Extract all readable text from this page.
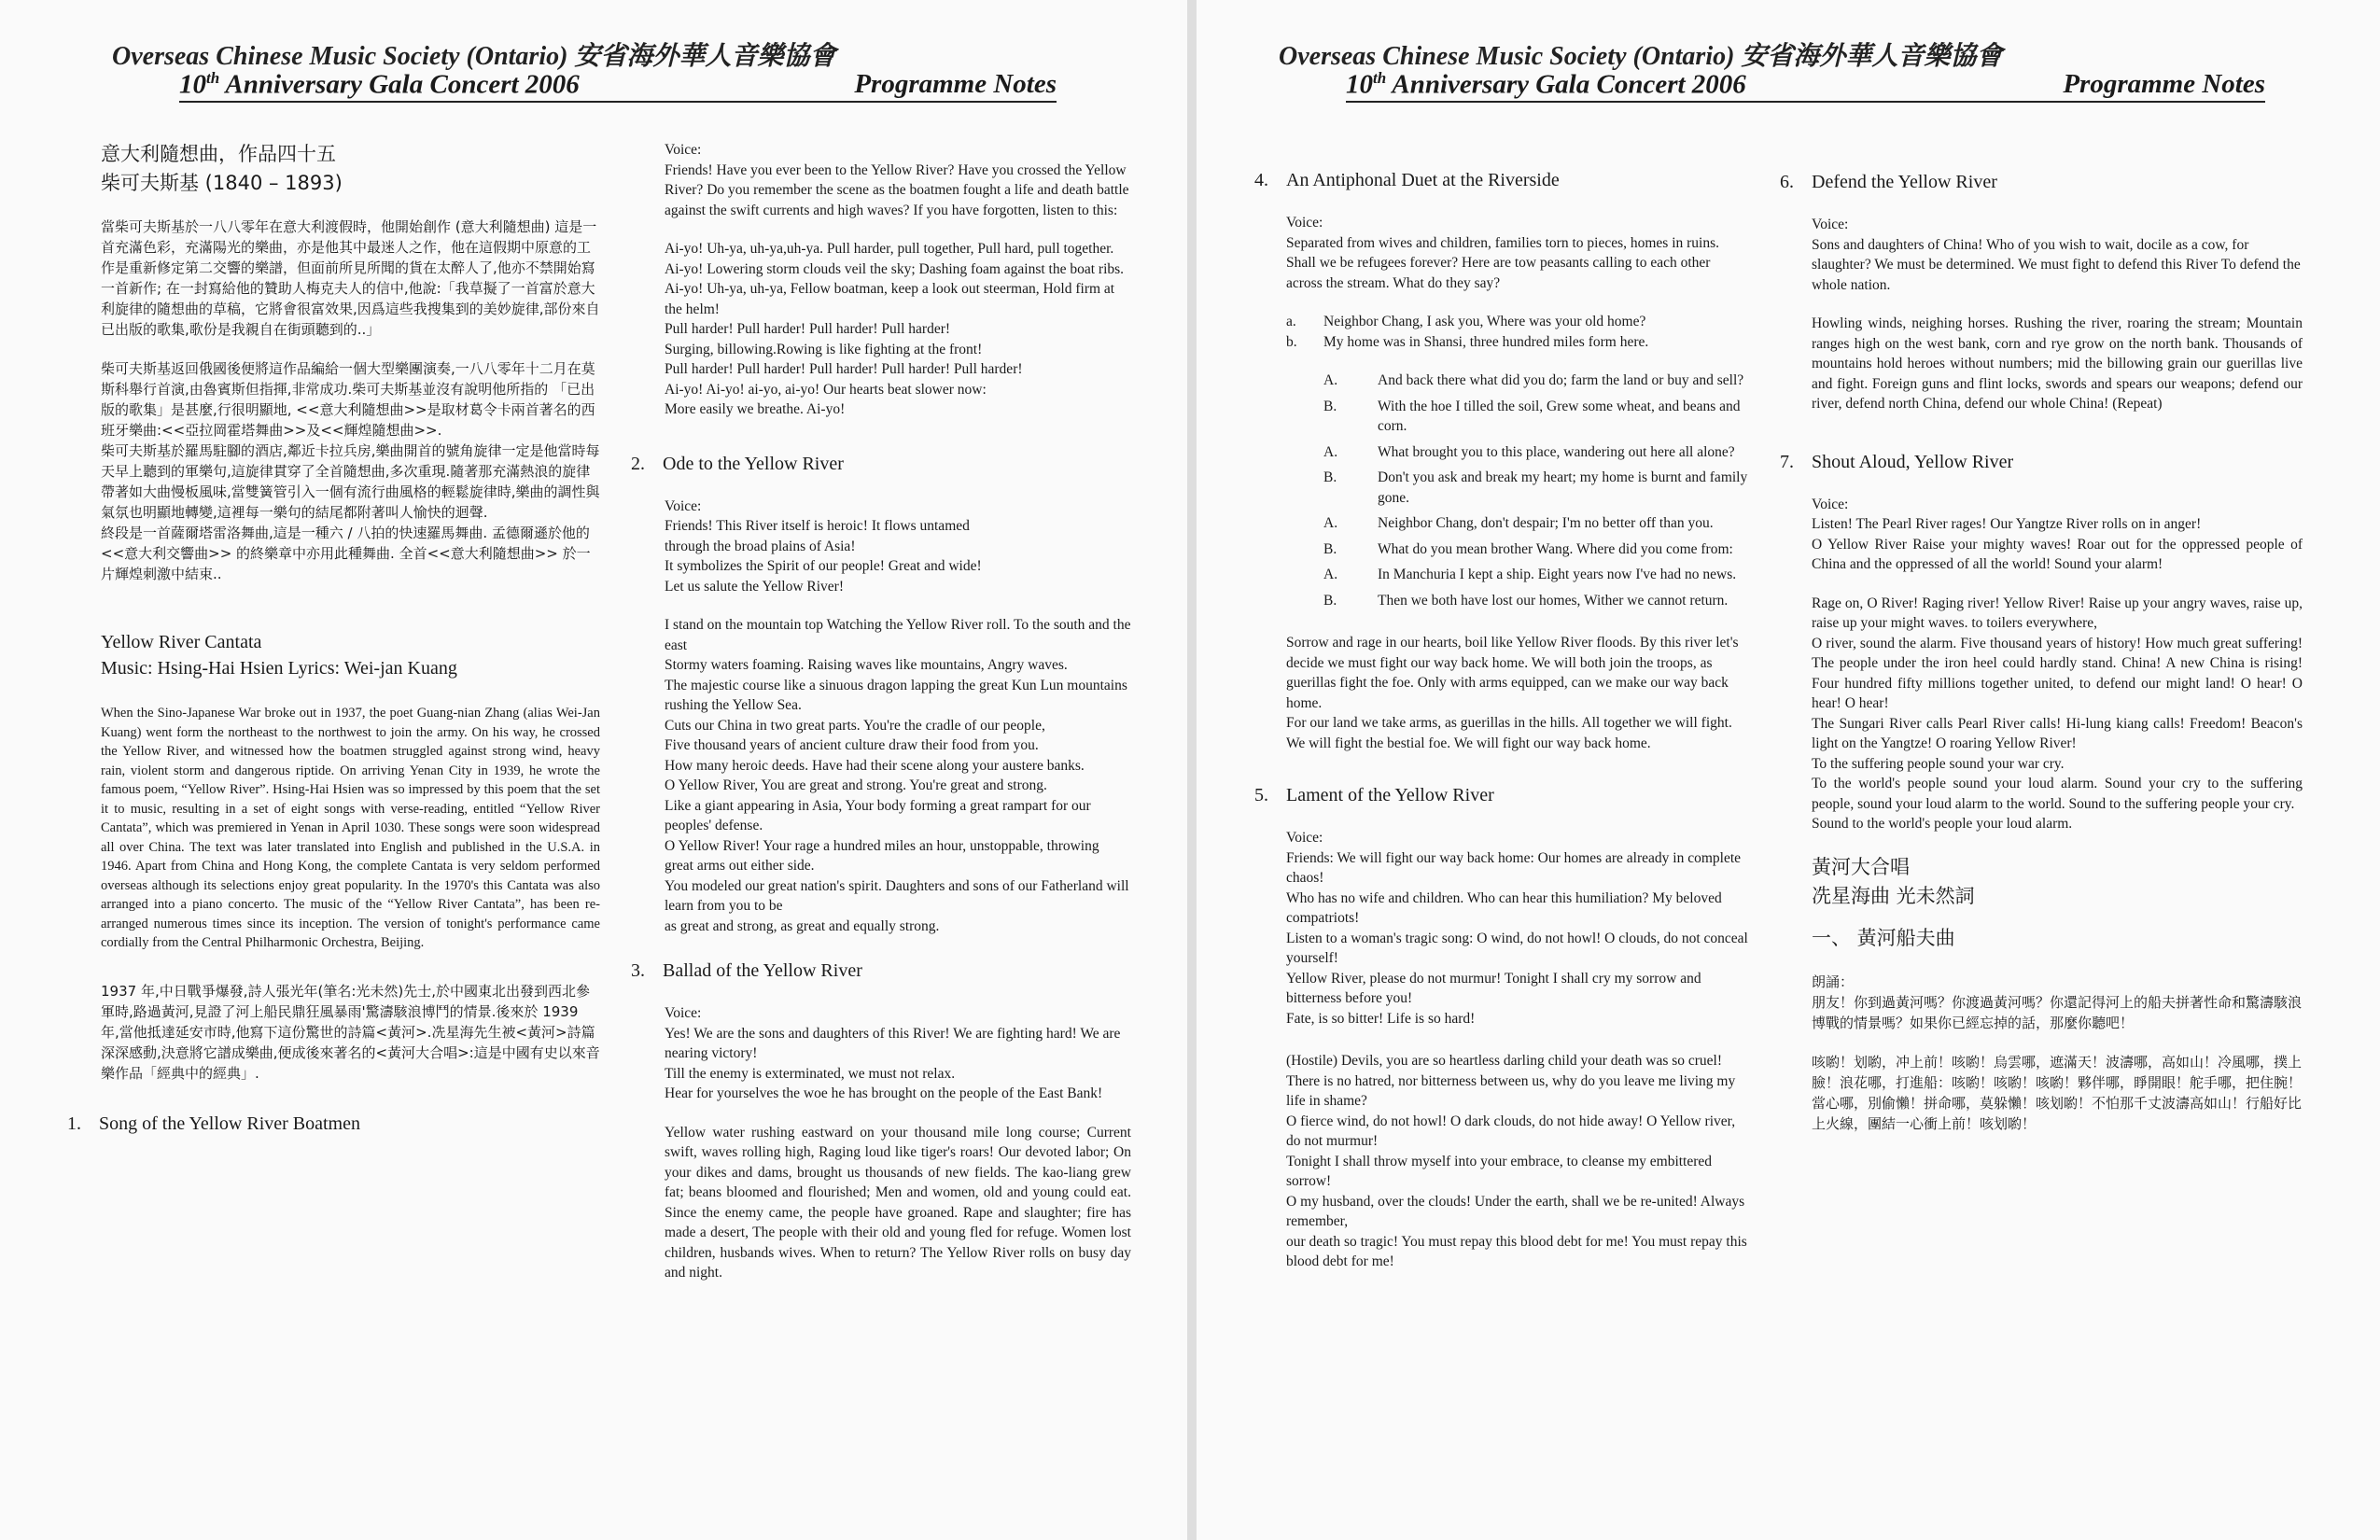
Overseas Chinese Music Society (Ontario) 安省海外華人音樂協會
10th Anniversary Gala Concert 2006	Programme Notes
意大利隨想曲，作品四十五
柴可夫斯基 (1840 – 1893)

當柴可夫斯基於一八八零年在意大利渡假時，他開始創作 (意大利隨想曲) 這是一首充滿色彩，充滿陽光的樂曲，亦是他其中最迷人之作，他在這假期中原意的工作是重新修定第二交響的樂譜，但面前所見所聞的貨在太醉人了,他亦不禁開始寫一首新作; 在一封寫給他的贊助人梅克夫人的信中,他說:「我草擬了一首富於意大利旋律的隨想曲的草稿，它將會很富效果,因爲這些我搜集到的美妙旋律,部份來自已出版的歌集,歌份是我親自在街頭聽到的..」

柴可夫斯基返回俄國後便將這作品編給一個大型樂團演奏,一八八零年十二月在莫斯科舉行首演,由魯賓斯但指揮,非常成功.柴可夫斯基並沒有說明他所指的 「已出版的歌集」是甚麼,行很明顯地, <<意大利隨想曲>>是取材葛令卡兩首著名的西班牙樂曲:<<亞拉岡霍塔舞曲>>及<<輝煌隨想曲>>.

柴可夫斯基於羅馬駐腳的酒店,鄰近卡拉兵房,樂曲開首的號角旋律一定是他當時每天早上聽到的軍樂句,這旋律貫穿了全首隨想曲,多次重現.隨著那充滿熱浪的旋律帶著如大曲慢板風味,當雙簧管引入一個有流行曲風格的輕鬆旋律時,樂曲的調性與氣氛也明顯地轉變,這裡每一樂句的結尾都附著叫人愉快的迴聲.

終段是一首薩爾塔雷洛舞曲,這是一種六 / 八拍的快速羅馬舞曲. 孟德爾遜於他的 <<意大利交響曲>> 的終樂章中亦用此種舞曲. 全首<<意大利隨想曲>> 於一片輝煌刺激中結束..

Yellow River Cantata
Music: Hsing-Hai Hsien Lyrics: Wei-jan Kuang

When the Sino-Japanese War broke out in 1937, the poet Guang-nian Zhang (alias Wei-Jan Kuang) went form the northeast to the northwest to join the army. On his way, he crossed the Yellow River, and witnessed how the boatmen struggled against strong wind, heavy rain, violent storm and dangerous riptide. On arriving Yenan City in 1939, he wrote the famous poem, “Yellow River”. Hsing-Hai Hsien was so impressed by this poem that the set it to music, resulting in a set of eight songs with verse-reading, entitled “Yellow River Cantata”, which was premiered in Yenan in April 1030. These songs were soon widespread all over China. The text was later translated into English and published in the U.S.A. in 1946. Apart from China and Hong Kong, the complete Cantata is very seldom performed overseas although its selections enjoy great popularity. In the 1970's this Cantata was also arranged into a piano concerto. The music of the “Yellow River Cantata”, has been re-arranged numerous times since its inception. The version of tonight's performance came cordially from the Central Philharmonic Orchestra, Beijing.

1937 年,中日戰爭爆發,詩人張光年(筆名:光未然)先士,於中國東北出發到西北參軍時,路過黃河,見證了河上船民鼎狂風暴雨'驚濤駭浪博鬥的情景.後來於 1939 年,當他抵達延安市時,他寫下這份驚世的詩篇<黃河>.冼星海先生被<黃河>詩篇深深感動,決意將它譜成樂曲,便成後來著名的<黃河大合唱>:這是中國有史以來音樂作品「經典中的經典」.

1. Song of the Yellow River Boatmen
Voice:

Friends! Have you ever been to the Yellow River? Have you crossed the Yellow River? Do you remember the scene as the boatmen fought a life and death battle against the swift currents and high waves? If you have forgotten, listen to this:

Ai-yo! Uh-ya, uh-ya,uh-ya. Pull harder, pull together, Pull hard, pull together.
Ai-yo! Lowering storm clouds veil the sky; Dashing foam against the boat ribs.
Ai-yo! Uh-ya, uh-ya, Fellow boatman, keep a look out steerman, Hold firm at the helm!
Pull harder! Pull harder! Pull harder! Pull harder!
Surging, billowing.Rowing is like fighting at the front!
Pull harder! Pull harder! Pull harder! Pull harder! Pull harder!
Ai-yo! Ai-yo! ai-yo, ai-yo! Our hearts beat slower now:
More easily we breathe. Ai-yo!
2. Ode to the Yellow River
Voice:
Friends! This River itself is heroic! It flows untamed
through the broad plains of Asia!
It symbolizes the Spirit of our people! Great and wide!
Let us salute the Yellow River!
I stand on the mountain top Watching the Yellow River roll. To the south and the east
Stormy waters foaming. Raising waves like mountains, Angry waves.
The majestic course like a sinuous dragon lapping the great Kun Lun mountains rushing the Yellow Sea.
Cuts our China in two great parts. You're the cradle of our people,
Five thousand years of ancient culture draw their food from you.
How many heroic deeds. Have had their scene along your austere banks.
O Yellow River, You are great and strong. You're great and strong.
Like a giant appearing in Asia, Your body forming a great rampart for our peoples' defense.
O Yellow River! Your rage a hundred miles an hour, unstoppable, throwing great arms out either side.
You modeled our great nation's spirit. Daughters and sons of our Fatherland will learn from you to be
as great and strong, as great and equally strong.
3. Ballad of the Yellow River
Voice:
Yes! We are the sons and daughters of this River! We are fighting hard! We are nearing victory!
Till the enemy is exterminated, we must not relax.
Hear for yourselves the woe he has brought on the people of the East Bank!

Yellow water rushing eastward on your thousand mile long course; Current swift, waves rolling high, Raging loud like tiger's roars! Our devoted labor; On your dikes and dams, brought us thousands of new fields. The kao-liang grew fat; beans bloomed and flourished; Men and women, old and young could eat. Since the enemy came, the people have groaned. Rape and slaughter; fire has made a desert, The people with their old and young fled for refuge. Women lost children, husbands wives. When to return? The Yellow River rolls on busy day and night.

Overseas Chinese Music Society (Ontario) 安省海外華人音樂協會
10th Anniversary Gala Concert 2006	Programme Notes
4. An Antiphonal Duet at the Riverside
Voice:

Separated from wives and children, families torn to pieces, homes in ruins. Shall we be refugees forever? Here are tow peasants calling to each other across the stream. What do they say?

a.	Neighbor Chang, I ask you, Where was your old home?
b.	My home was in Shansi, three hundred miles form here.
A.	And back there what did you do; farm the land or buy and sell?
B.	With the hoe I tilled the soil, Grew some wheat, and beans and corn.
A.	What brought you to this place, wandering out here all alone?
B.	Don't you ask and break my heart; my home is burnt and family gone.
A.	Neighbor Chang, don't despair; I'm no better off than you.
B.	What do you mean brother Wang. Where did you come from:
A.	In Manchuria I kept a ship. Eight years now I've had no news.
B.	Then we both have lost our homes, Wither we cannot return.
Sorrow and rage in our hearts, boil like Yellow River floods. By this river let's decide we must fight our way back home. We will both join the troops, as guerillas fight the foe. Only with arms equipped, can we make our way back home.
For our land we take arms, as guerillas in the hills. All together we will fight. We will fight the bestial foe. We will fight our way back home.
5. Lament of the Yellow River
Voice:
Friends: We will fight our way back home: Our homes are already in complete chaos!
Who has no wife and children. Who can hear this humiliation? My beloved compatriots!
Listen to a woman's tragic song: O wind, do not howl! O clouds, do not conceal yourself!
Yellow River, please do not murmur! Tonight I shall cry my sorrow and bitterness before you!
Fate, is so bitter! Life is so hard!
(Hostile) Devils, you are so heartless darling child your death was so cruel!
There is no hatred, nor bitterness between us, why do you leave me living my life in shame?
O fierce wind, do not howl! O dark clouds, do not hide away! O Yellow river, do not murmur!
Tonight I shall throw myself into your embrace, to cleanse my embittered sorrow!
O my husband, over the clouds! Under the earth, shall we be re-united! Always remember,
our death so tragic! You must repay this blood debt for me! You must repay this blood debt for me!
6. Defend the Yellow River
Voice:

Sons and daughters of China! Who of you wish to wait, docile as a cow, for slaughter? We must be determined. We must fight to defend this River To defend the whole nation.

Howling winds, neighing horses. Rushing the river, roaring the stream; Mountain ranges high on the west bank, corn and rye grow on the north bank. Thousands of mountains hold heroes without numbers; mid the billowing grain our guerillas live and fight. Foreign guns and flint locks, swords and spears our weapons; defend our river, defend north China, defend our whole China! (Repeat)

7. Shout Aloud, Yellow River
Voice:
Listen! The Pearl River rages! Our Yangtze River rolls on in anger!
O Yellow River Raise your mighty waves! Roar out for the oppressed people of China and the oppressed of all the world! Sound your alarm!
Rage on, O River! Raging river! Yellow River! Raise up your angry waves, raise up, raise up your might waves. to toilers everywhere,
O river, sound the alarm. Five thousand years of history! How much great suffering! The people under the iron heel could hardly stand. China! A new China is rising! Four hundred fifty millions together united, to defend our might land! O hear! O hear! O hear!
The Sungari River calls Pearl River calls! Hi-lung kiang calls! Freedom! Beacon's light on the Yangtze! O roaring Yellow River!
To the suffering people sound your war cry.
To the world's people sound your loud alarm. Sound your cry to the suffering people, sound your loud alarm to the world. Sound to the suffering people your cry.
Sound to the world's people your loud alarm.
黃河大合唱
冼星海曲 光未然詞
一、 黃河船夫曲
朗誦：

朋友！你到過黃河嗎？你渡過黃河嗎？你還記得河上的船夫拼著性命和驚濤駭浪博戰的情景嗎？如果你已經忘掉的話，那麼你聽吧！

咳喲！划喲，冲上前！咳喲！烏雲哪，遮滿天！波濤哪，高如山！冷風哪，撲上臉！浪花哪，打進船：咳喲！咳喲！咳喲！夥伴哪，睜開眼！舵手哪，把住腕！當心哪，別偷懶！拼命哪，莫躲懶！咳划喲！不怕那千丈波濤高如山！行船好比上火線，團結一心衝上前！咳划喲！
